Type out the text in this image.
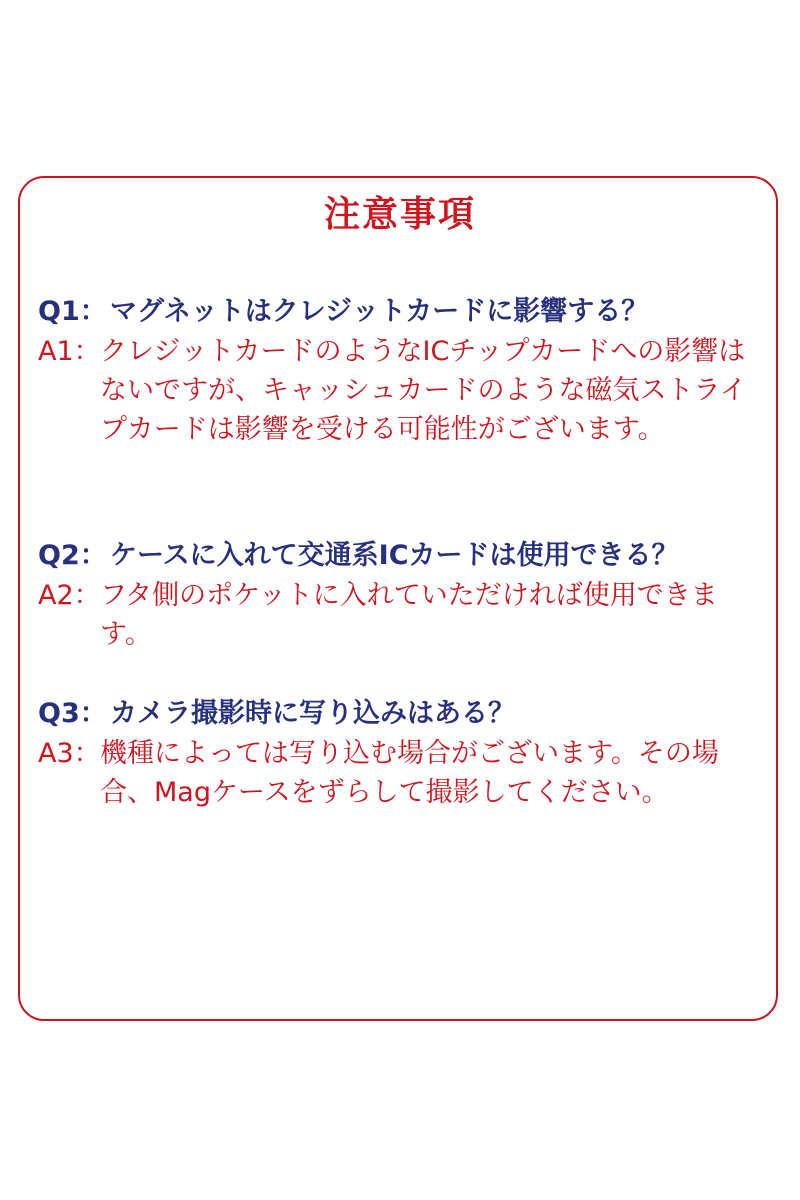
注意事項
Q1： マグネットはクレジットカードに影響する？
A1： クレジットカードのようなICチップカードへの影響はないですが、キャッシュカードのような磁気ストライプカードは影響を受ける可能性がございます。
Q2： ケースに入れて交通系ICカードは使用できる？
A2： フタ側のポケットに入れていただければ使用できます。
Q3： カメラ撮影時に写り込みはある？
A3： 機種によっては写り込む場合がございます。その場合、Magケースをずらして撮影してください。
